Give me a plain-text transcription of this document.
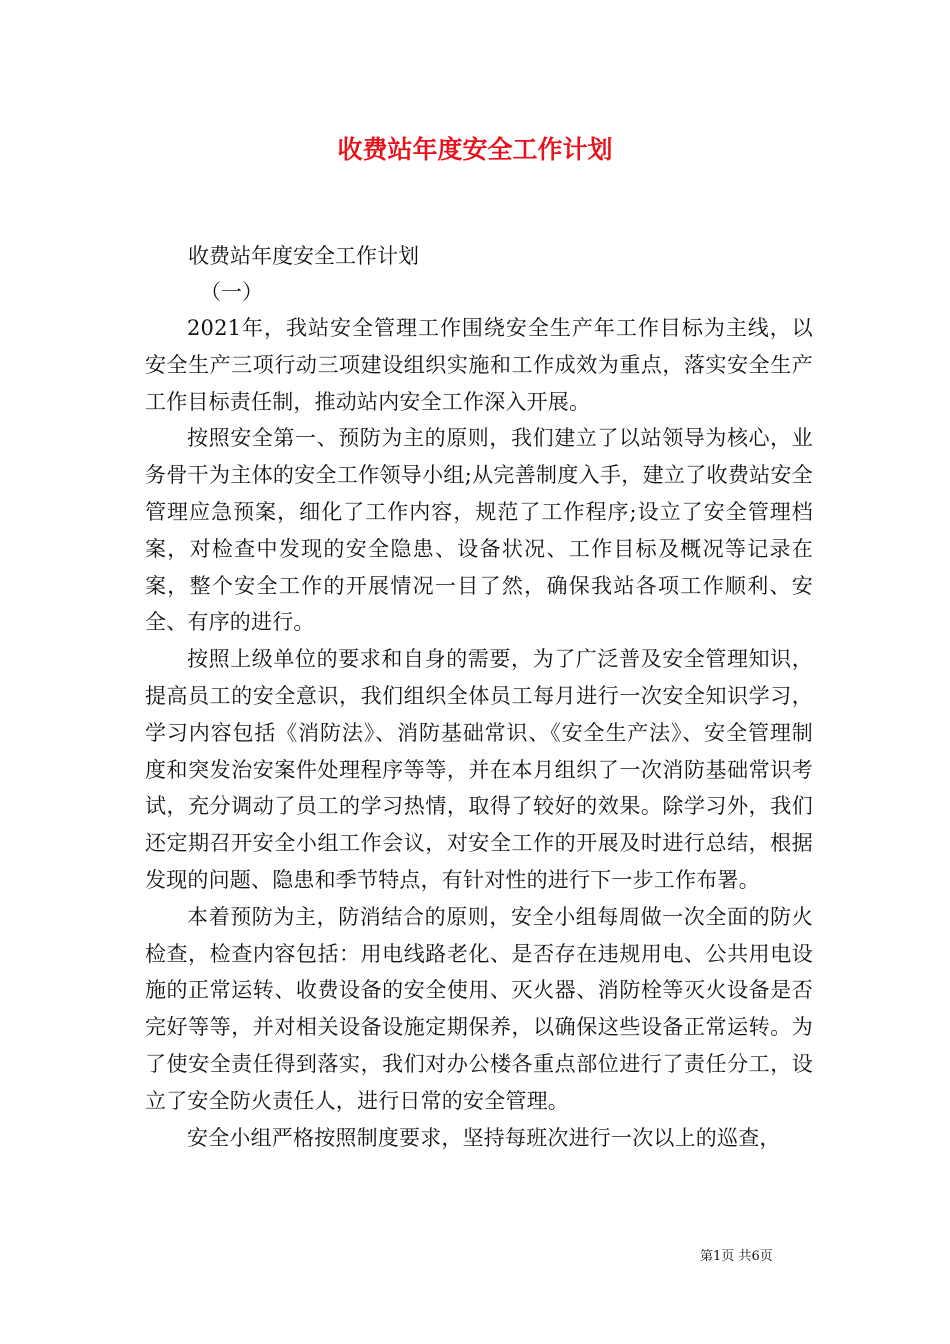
收费站年度安全工作计划

收费站年度安全工作计划

（一）

2021年，我站安全管理工作围绕安全生产年工作目标为主线，以安全生产三项行动三项建设组织实施和工作成效为重点，落实安全生产工作目标责任制，推动站内安全工作深入开展。

按照安全第一、预防为主的原则，我们建立了以站领导为核心，业务骨干为主体的安全工作领导小组;从完善制度入手，建立了收费站安全管理应急预案，细化了工作内容，规范了工作程序;设立了安全管理档案，对检查中发现的安全隐患、设备状况、工作目标及概况等记录在案，整个安全工作的开展情况一目了然，确保我站各项工作顺利、安全、有序的进行。

按照上级单位的要求和自身的需要，为了广泛普及安全管理知识，提高员工的安全意识，我们组织全体员工每月进行一次安全知识学习，学习内容包括《消防法》、消防基础常识、《安全生产法》、安全管理制度和突发治安案件处理程序等等，并在本月组织了一次消防基础常识考试，充分调动了员工的学习热情，取得了较好的效果。除学习外，我们还定期召开安全小组工作会议，对安全工作的开展及时进行总结，根据发现的问题、隐患和季节特点，有针对性的进行下一步工作布署。

本着预防为主，防消结合的原则，安全小组每周做一次全面的防火检查，检查内容包括：用电线路老化、是否存在违规用电、公共用电设施的正常运转、收费设备的安全使用、灭火器、消防栓等灭火设备是否完好等等，并对相关设备设施定期保养，以确保这些设备正常运转。为了使安全责任得到落实，我们对办公楼各重点部位进行了责任分工，设立了安全防火责任人，进行日常的安全管理。

安全小组严格按照制度要求，坚持每班次进行一次以上的巡查，

第1页 共6页
